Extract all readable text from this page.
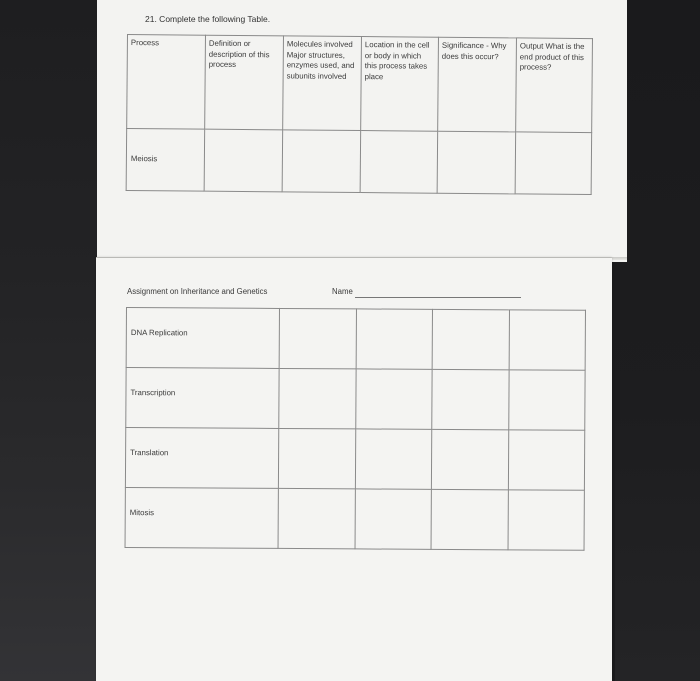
21. Complete the following Table.
Process	Definition or description of this process	Molecules involved Major structures, enzymes used, and subunits involved	Location in the cell or body in which this process takes place	Significance - Why does this occur?	Output What is the end product of this process?
Meiosis					
Assignment on Inheritance and Genetics	Name
DNA Replication				
Transcription				
Translation				
Mitosis				
